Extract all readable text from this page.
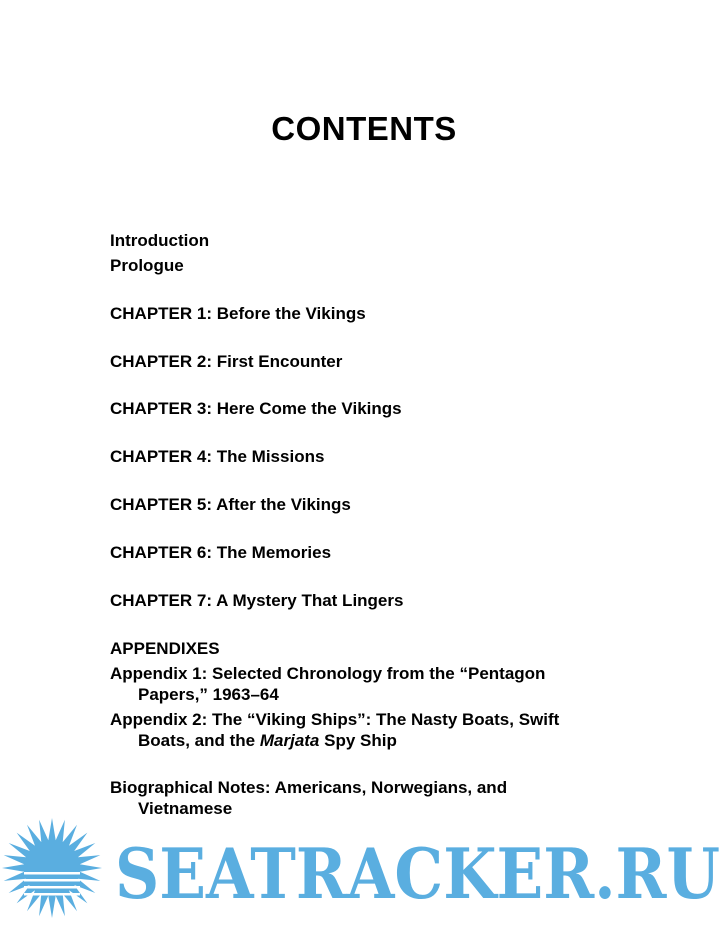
CONTENTS
Introduction
Prologue
CHAPTER 1: Before the Vikings
CHAPTER 2: First Encounter
CHAPTER 3: Here Come the Vikings
CHAPTER 4: The Missions
CHAPTER 5: After the Vikings
CHAPTER 6: The Memories
CHAPTER 7: A Mystery That Lingers
APPENDIXES
Appendix 1: Selected Chronology from the “Pentagon
Papers,” 1963–64
Appendix 2: The “Viking Ships”: The Nasty Boats, Swift
Boats, and the Marjata Spy Ship
Biographical Notes: Americans, Norwegians, and
Vietnamese
SEATRACKER.RU
